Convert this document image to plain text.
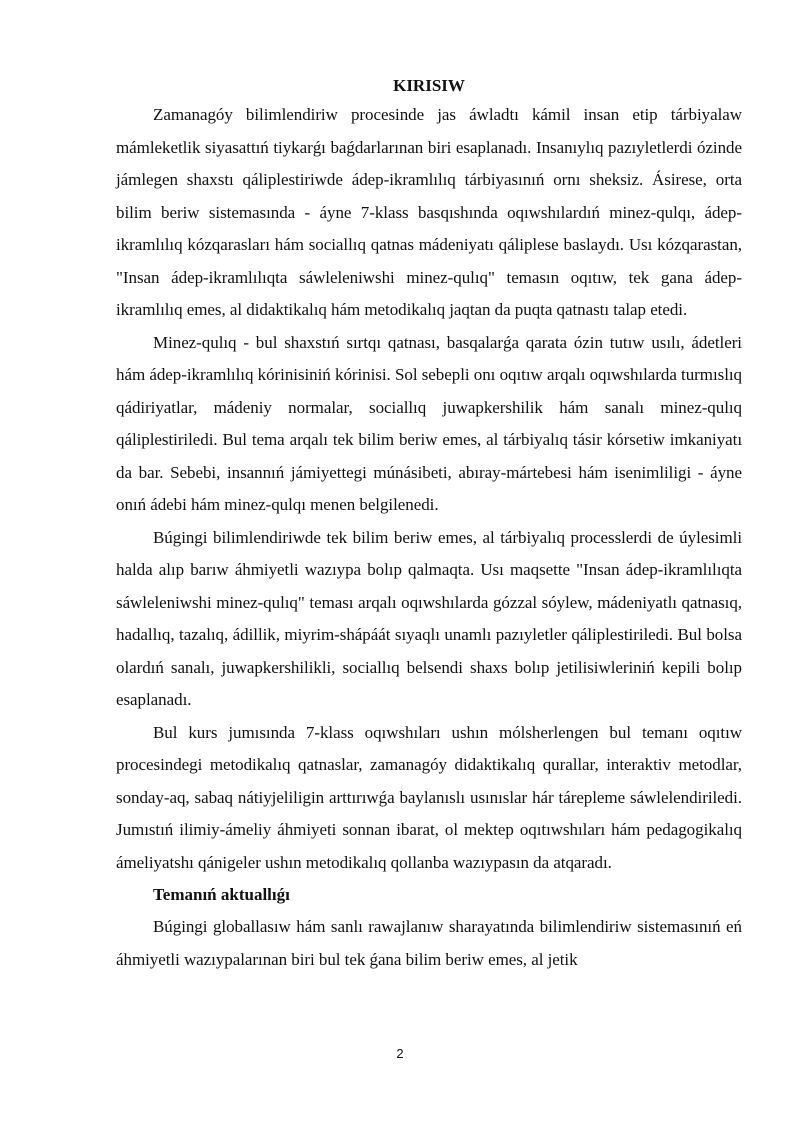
KIRISIW

Zamanagóy bilimlendiriw procesinde jas áwladtı kámil insan etip tárbiyalaw mámleketlik siyasattıń tiykarǵı baǵdarlarınan biri esaplanadı. Insanıylıq pazıyletlerdi ózinde jámlegen shaxstı qáliplestiriwde ádep-ikramlılıq tárbiyasınıń ornı sheksiz. Ásirese, orta bilim beriw sistemasında - áyne 7-klass basqıshında oqıwshılardıń minez-qulqı, ádep-ikramlılıq kózqarasları hám sociallıq qatnas mádeniyatı qáliplese baslaydı. Usı kózqarastan, "Insan ádep-ikramlılıqta sáwleleniwshi minez-qulıq" temasın oqıtıw, tek gana ádep-ikramlılıq emes, al didaktikalıq hám metodikalıq jaqtan da puqta qatnastı talap etedi.

Minez-qulıq - bul shaxstıń sırtqı qatnası, basqalarǵa qarata ózin tutıw usılı, ádetleri hám ádep-ikramlılıq kórinisiniń kórinisi. Sol sebepli onı oqıtıw arqalı oqıwshılarda turmıslıq qádiriyatlar, mádeniy normalar, sociallıq juwapkershilik hám sanalı minez-qulıq qáliplestiriledi. Bul tema arqalı tek bilim beriw emes, al tárbiyalıq tásir kórsetiw imkaniyatı da bar. Sebebi, insannıń jámiyettegi múnásibeti, abıray-mártebesi hám isenimliligi - áyne onıń ádebi hám minez-qulqı menen belgilenedi.

Búgingi bilimlendiriwde tek bilim beriw emes, al tárbiyalıq processlerdi de úylesimli halda alıp barıw áhmiyetli wazıypa bolıp qalmaqta. Usı maqsette "Insan ádep-ikramlılıqta sáwleleniwshi minez-qulıq" teması arqalı oqıwshılarda gózzal sóylew, mádeniyatlı qatnasıq, hadallıq, tazalıq, ádillik, miyrim-shápáát sıyaqlı unamlı pazıyletler qáliplestiriledi. Bul bolsa olardıń sanalı, juwapkershilikli, sociallıq belsendi shaxs bolıp jetilisiwleriniń kepili bolıp esaplanadı.

Bul kurs jumısında 7-klass oqıwshıları ushın mólsherlengen bul temanı oqıtıw procesindegi metodikalıq qatnaslar, zamanagóy didaktikalıq qurallar, interaktiv metodlar, sonday-aq, sabaq nátiyjeliligin arttırıwǵa baylanıslı usınıslar hár tárepleme sáwlelendiriledi. Jumıstıń ilimiy-ámeliy áhmiyeti sonnan ibarat, ol mektep oqıtıwshıları hám pedagogikalıq ámeliyatshı qánigeler ushın metodikalıq qollanba wazıypasın da atqaradı.

Temanıń aktuallıǵı

Búgingi globallasıw hám sanlı rawajlanıw sharayatında bilimlendiriw sistemasınıń eń áhmiyetli wazıypalarınan biri bul tek ǵana bilim beriw emes, al jetik

2
